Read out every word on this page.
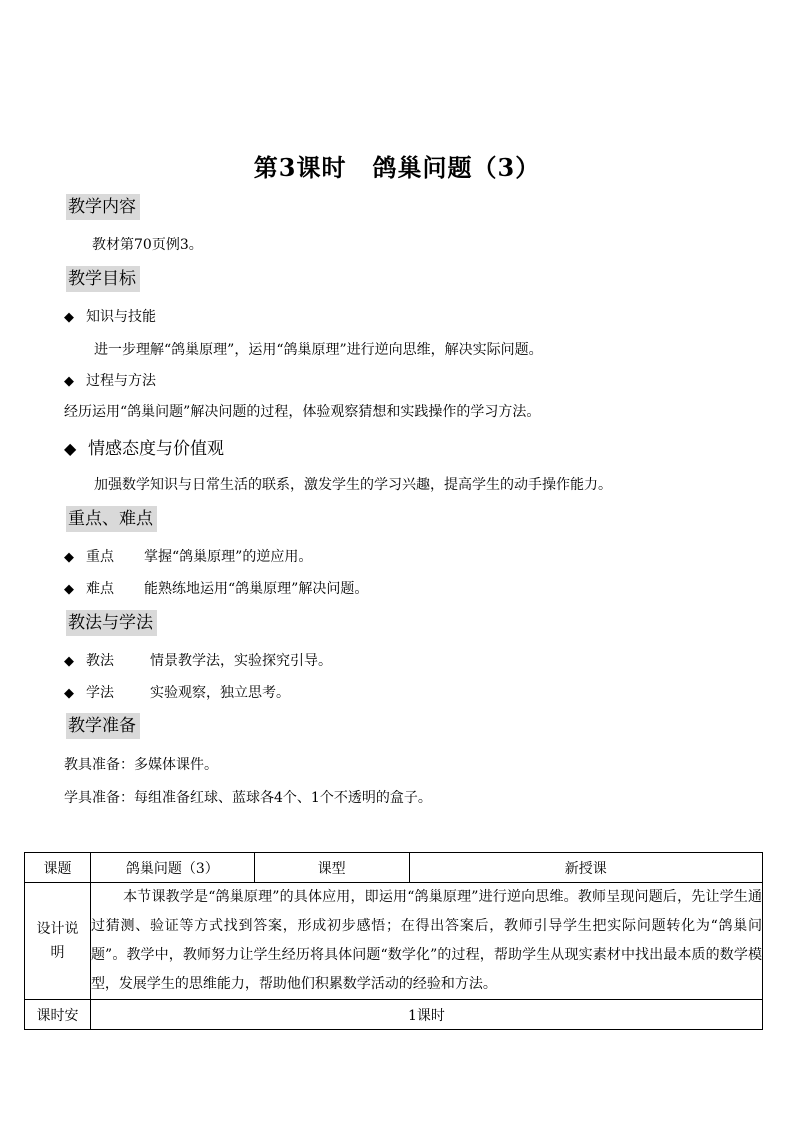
第3课时 鸽巢问题（3）
教学内容
教材第70页例3。
教学目标
◆ 知识与技能
进一步理解“鸽巢原理”，运用“鸽巢原理”进行逆向思维，解决实际问题。
◆ 过程与方法
经历运用“鸽巢问题”解决问题的过程，体验观察猜想和实践操作的学习方法。
◆ 情感态度与价值观
加强数学知识与日常生活的联系，激发学生的学习兴趣，提高学生的动手操作能力。
重点、难点
◆ 重点 掌握“鸽巢原理”的逆应用。
◆ 难点 能熟练地运用“鸽巢原理”解决问题。
教法与学法
◆ 教法	情景教学法，实验探究引导。
◆ 学法	实验观察，独立思考。
教学准备
教具准备：多媒体课件。
学具准备：每组准备红球、蓝球各4个、1个不透明的盒子。
课题	鸽巢问题（3）	课型	新授课
设计说明	本节课教学是“鸽巢原理”的具体应用，即运用“鸽巢原理”进行逆向思维。教师呈现问题后，先让学生通过猜测、验证等方式找到答案，形成初步感悟；在得出答案后，教师引导学生把实际问题转化为“鸽巢问题”。教学中，教师努力让学生经历将具体问题“数学化”的过程，帮助学生从现实素材中找出最本质的数学模型，发展学生的思维能力，帮助他们积累数学活动的经验和方法。		
课时安	1课时		
